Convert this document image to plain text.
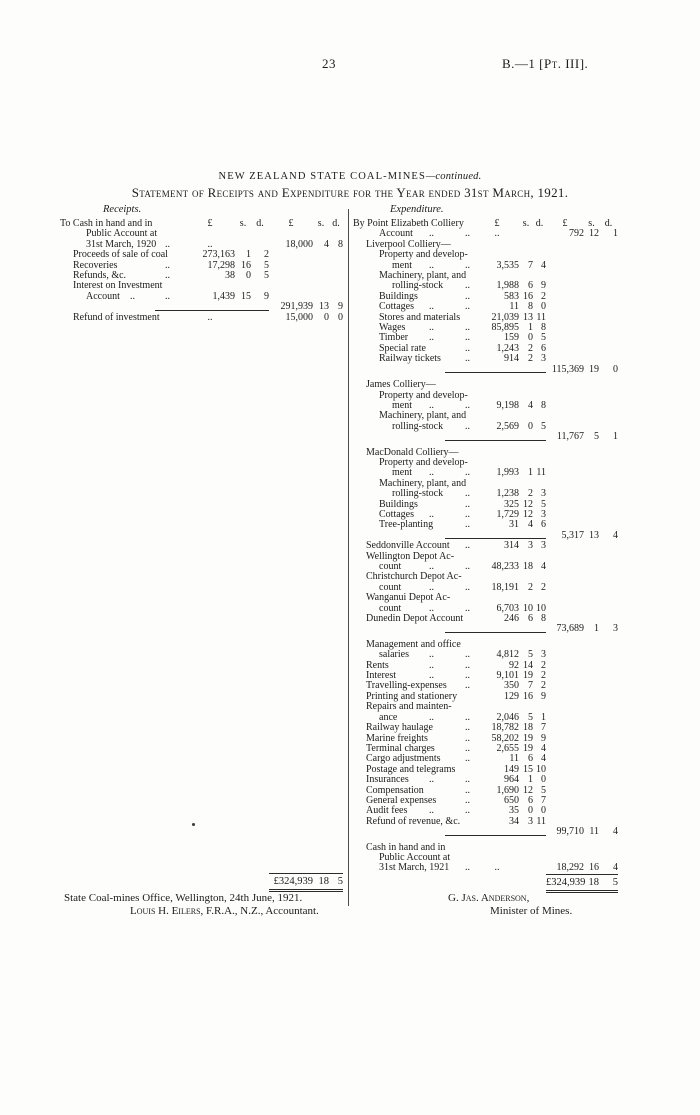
23	B.—1 [Pt. III].
NEW ZEALAND STATE COAL-MINES—continued.
Statement of Receipts and Expenditure for the Year ended 31st March, 1921.
Receipts.	Expenditure.
To Cash in hand and in	£	s.	d.	£	s.	d.
Public Account at						
31st March, 1920 ..	..			18,000	4	8
Proceeds of sale of coal	273,163	1	2			
Recoveries ..	17,298	16	5			
Refunds, &c. ..	38	0	5			
Interest on Investment						
Account .. ..	1,439	15	9			

			291,939	13	9
Refund of investment	..			15,000	0	0
	£324,939	18	5
By Point Elizabeth Colliery	£	s.	d.	£	s.	d.
Account .. ..	..			792	12	1
Liverpool Colliery—						
Property and develop-						
ment .. ..	3,535	7	4			
Machinery, plant, and						
rolling-stock ..	1,988	6	9			
Buildings ..	583	16	2			
Cottages .. ..	11	8	0			
Stores and materials	21,039	13	11			
Wages .. ..	85,895	1	8			
Timber .. ..	159	0	5			
Special rate ..	1,243	2	6			
Railway tickets ..	914	2	3			

			115,369	19	0
James Colliery—						
Property and develop-						
ment .. ..	9,198	4	8			
Machinery, plant, and						
rolling-stock ..	2,569	0	5			

			11,767	5	1
MacDonald Colliery—						
Property and develop-						
ment .. ..	1,993	1	11			
Machinery, plant, and						
rolling-stock ..	1,238	2	3			
Buildings ..	325	12	5			
Cottages .. ..	1,729	12	3			
Tree-planting ..	31	4	6			

			5,317	13	4
Seddonville Account ..	314	3	3			
Wellington Depot Ac-						
count .. ..	48,233	18	4			
Christchurch Depot Ac-						
count .. ..	18,191	2	2			
Wanganui Depot Ac-						
count .. ..	6,703	10	10			
Dunedin Depot Account	246	6	8			

			73,689	1	3
Management and office						
salaries .. ..	4,812	5	3			
Rents .. ..	92	14	2			
Interest .. ..	9,101	19	2			
Travelling-expenses ..	350	7	2			
Printing and stationery	129	16	9			
Repairs and mainten-						
ance .. ..	2,046	5	1			
Railway haulage ..	18,782	18	7			
Marine freights ..	58,202	19	9			
Terminal charges ..	2,655	19	4			
Cargo adjustments ..	11	6	4			
Postage and telegrams	149	15	10			
Insurances .. ..	964	1	0			
Compensation ..	1,690	12	5			
General expenses ..	650	6	7			
Audit fees .. ..	35	0	0			
Refund of revenue, &c.	34	3	11			

			99,710	11	4
Cash in hand and in						
Public Account at						
31st March, 1921 ..	..			18,292	16	4
	£324,939	18	5
State Coal-mines Office, Wellington, 24th June, 1921.
Louis H. Eilers, F.R.A., N.Z., Accountant.
G. Jas. Anderson,
Minister of Mines.
